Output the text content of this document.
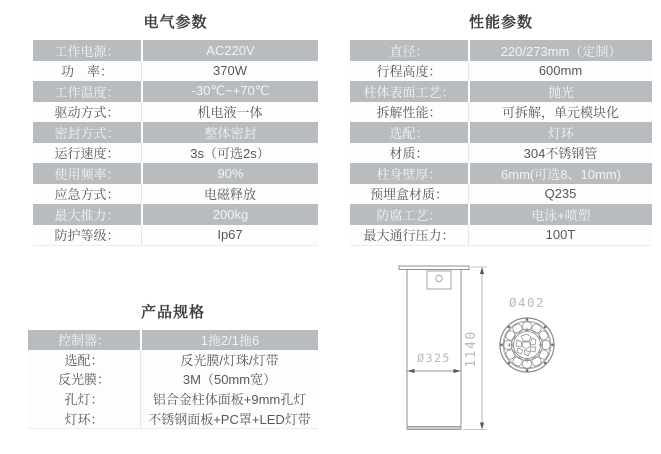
电气参数	性能参数
产品规格
工作电源：	AC220V
功　率：	370W
工作温度：	-30℃~+70℃
驱动方式：	机电液一体
密封方式：	整体密封
运行速度：	3s（可选2s）
使用频率：	90%
应急方式：	电磁释放
最大推力：	200kg
防护等级：	Ip67
直径：	220/273mm（定制）
行程高度：	600mm
柱体表面工艺：	抛光
拆解性能：	可拆解，单元模块化
选配：	灯环
材质：	304不锈钢管
柱身壁厚：	6mm(可选8、10mm)
预埋盒材质：	Q235
防腐工艺：	电泳+喷塑
最大通行压力：	100T
控制器：	1拖2/1拖6
选配：	反光膜/灯珠/灯带
反光膜：	3M（50mm宽）
孔灯：	铝合金柱体面板+9mm孔灯
灯环：	不锈钢面板+PC罩+LED灯带
1140
Ø325
Ø402
